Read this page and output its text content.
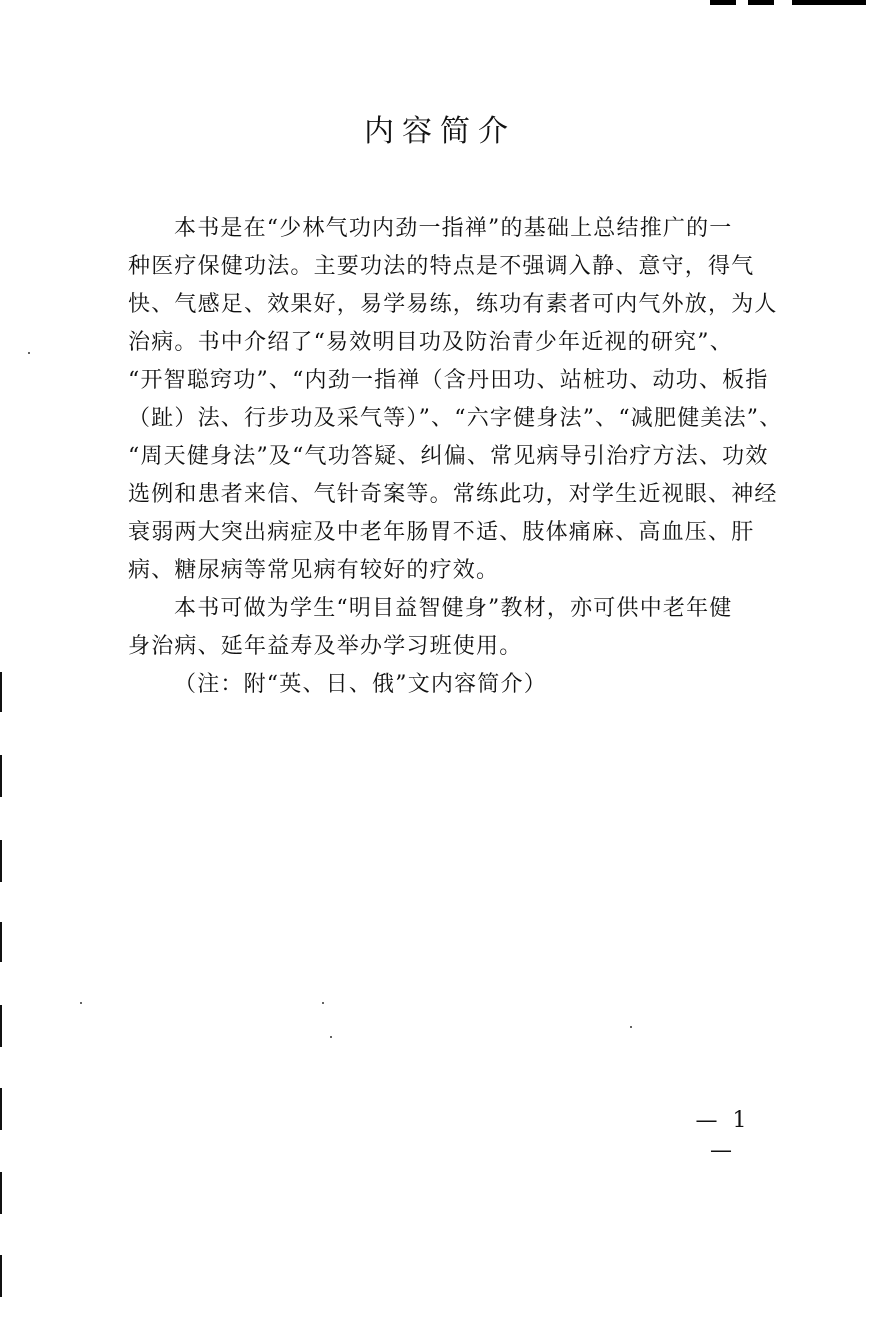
内容简介
本书是在“少林气功内劲一指禅”的基础上总结推广的一
种医疗保健功法。主要功法的特点是不强调入静、意守，得气
快、气感足、效果好，易学易练，练功有素者可内气外放，为人
治病。书中介绍了“易效明目功及防治青少年近视的研究”、
“开智聪窍功”、“内劲一指禅（含丹田功、站桩功、动功、板指
（趾）法、行步功及采气等）”、“六字健身法”、“减肥健美法”、
“周天健身法”及“气功答疑、纠偏、常见病导引治疗方法、功效
选例和患者来信、气针奇案等。常练此功，对学生近视眼、神经
衰弱两大突出病症及中老年肠胃不适、肢体痛麻、高血压、肝
病、糖尿病等常见病有较好的疗效。
本书可做为学生“明目益智健身”教材，亦可供中老年健
身治病、延年益寿及举办学习班使用。
（注：附“英、日、俄”文内容简介）
— 1 —
